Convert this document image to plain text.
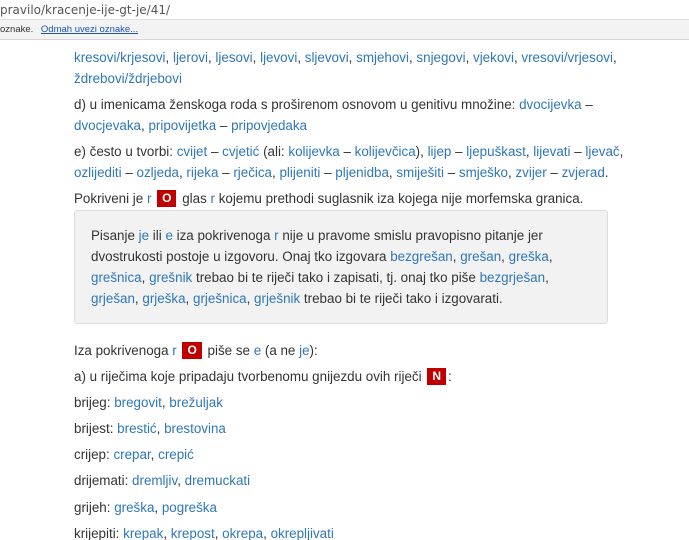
pravilo/kracenje-ije-gt-je/41/
oznake. Odmah uvezi oznake...
kresovi/krjesovi, ljerovi, ljesovi, ljevovi, sljevovi, smjehovi, snjegovi, vjekovi, vresovi/vrjesovi,
ždrebovi/ždrjebovi
d) u imenicama ženskoga roda s proširenom osnovom u genitivu množine: dvocijevka –
dvocjevaka, pripovijetka – pripovjedaka
e) često u tvorbi: cvijet – cvjetić (ali: kolijevka – kolijevčica), lijep – ljepuškast, lijevati – ljevač,
ozlijediti – ozljeda, rijeka – rječica, plijeniti – pljenidba, smiješiti – smješko, zvijer – zvjerad.
Pokriveni je r O glas r kojemu prethodi suglasnik iza kojega nije morfemska granica.
Pisanje je ili e iza pokrivenoga r nije u pravome smislu pravopisno pitanje jer
dvostrukosti postoje u izgovoru. Onaj tko izgovara bezgrešan, grešan, greška,
grešnica, grešnik trebao bi te riječi tako i zapisati, tj. onaj tko piše bezgrješan,
grješan, grješka, grješnica, grješnik trebao bi te riječi tako i izgovarati.
Iza pokrivenoga r O piše se e (a ne je):
a) u riječima koje pripadaju tvorbenomu gnijezdu ovih riječi N :
brijeg: bregovit, brežuljak
brijest: brestić, brestovina
crijep: crepar, crepić
drijemati: dremljiv, dremuckati
grijeh: greška, pogreška
krijepiti: krepak, krepost, okrepa, okrepljivati
